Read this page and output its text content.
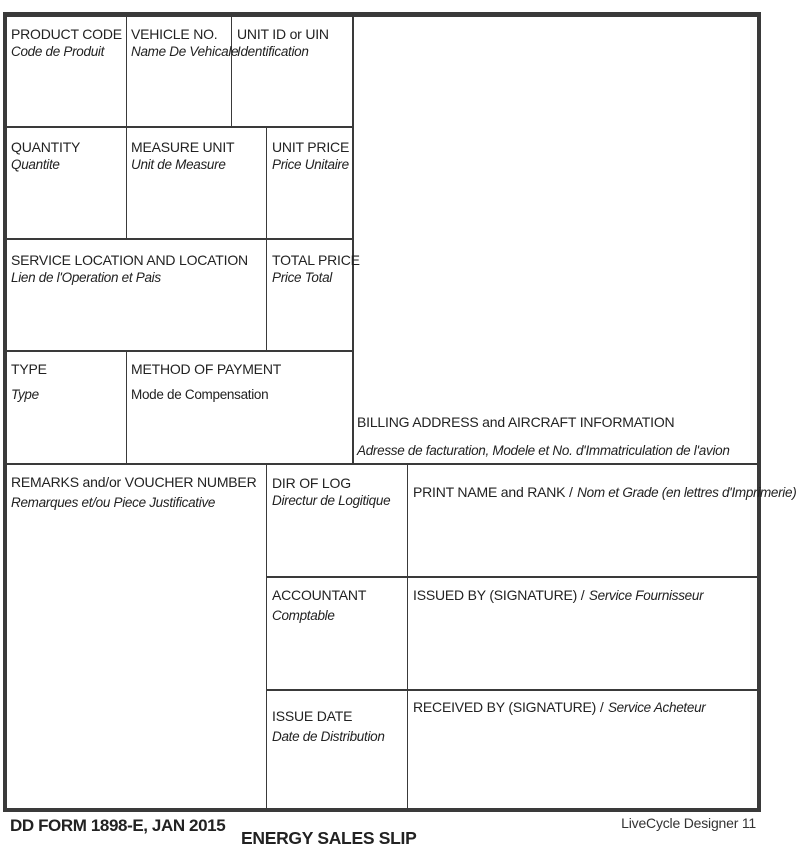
PRODUCT CODE
Code de Produit
VEHICLE NO.
Name De Vehicale
UNIT ID or UIN
Identification
QUANTITY
Quantite
MEASURE UNIT
Unit de Measure
UNIT PRICE
Price Unitaire
SERVICE LOCATION AND LOCATION
Lien de l'Operation et Pais
TOTAL PRICE
Price Total
TYPE
Type
METHOD OF PAYMENT
Mode de Compensation
BILLING ADDRESS and AIRCRAFT INFORMATION
Adresse de facturation, Modele et No. d'Immatriculation de l'avion
REMARKS and/or VOUCHER NUMBER
Remarques et/ou Piece Justificative
DIR OF LOG
Directur de Logitique
PRINT NAME and RANK / Nom et Grade (en lettres d'Imprimerie)
ACCOUNTANT
Comptable
ISSUED BY (SIGNATURE) / Service Fournisseur
ISSUE DATE
Date de Distribution
RECEIVED BY (SIGNATURE) / Service Acheteur
DD FORM 1898-E, JAN 2015
ENERGY SALES SLIP
LiveCycle Designer 11
